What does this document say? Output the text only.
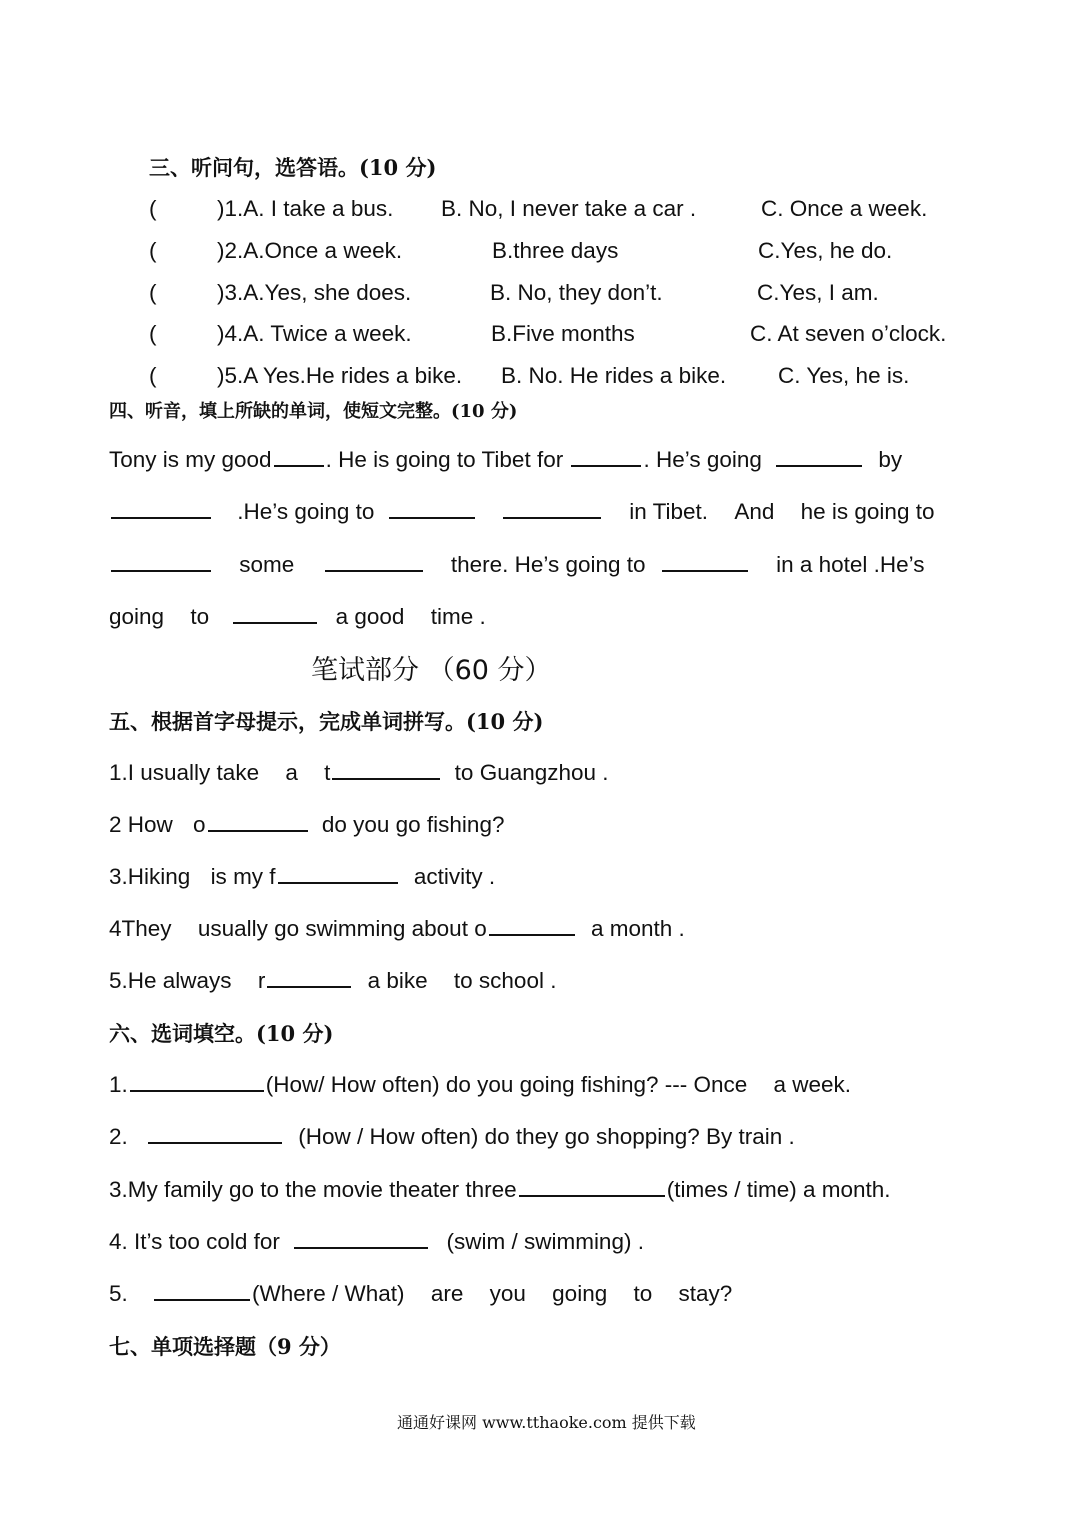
三、听问句，选答语。(10 分)
(	)1.A. I take a bus. B. No, I never take a car .	C. Once a week.
(	)2.A.Once a week.	B.three days	C.Yes, he do.
(	)3.A.Yes, she does.	B. No, they don’t.	C.Yes, I am.
(	)4.A. Twice a week.	B.Five months	C. At seven o’clock.
(	)5.A Yes.He rides a bike. B. No. He rides a bike. C. Yes, he is.
四、听音，填上所缺的单词，使短文完整。(10 分)
Tony is my good . He is going to Tibet for	. He’s going	by
.He’s going to	in Tibet. And he is going to
some	there. He’s going to	in a hotel .He’s
going to	a good time .
笔试部分 （60 分）
五、根据首字母提示，完成单词拼写。(10 分)
1.I usually take a t	to Guangzhou .
2 How o	do you go fishing?
3.Hiking is my f	activity .
4They usually go swimming about o	a month .
5.He always r	a bike to school .
六、选词填空。(10 分)
1.	(How/ How often) do you going fishing? --- Once a week.
2.	(How / How often) do they go shopping? By train .
3.My family go to the movie theater three	(times / time) a month.
4. It’s too cold for	(swim / swimming) .
5.	(Where / What) are you going to stay?
七、单项选择题（9 分）
通通好课网 www.tthaoke.com 提供下载
